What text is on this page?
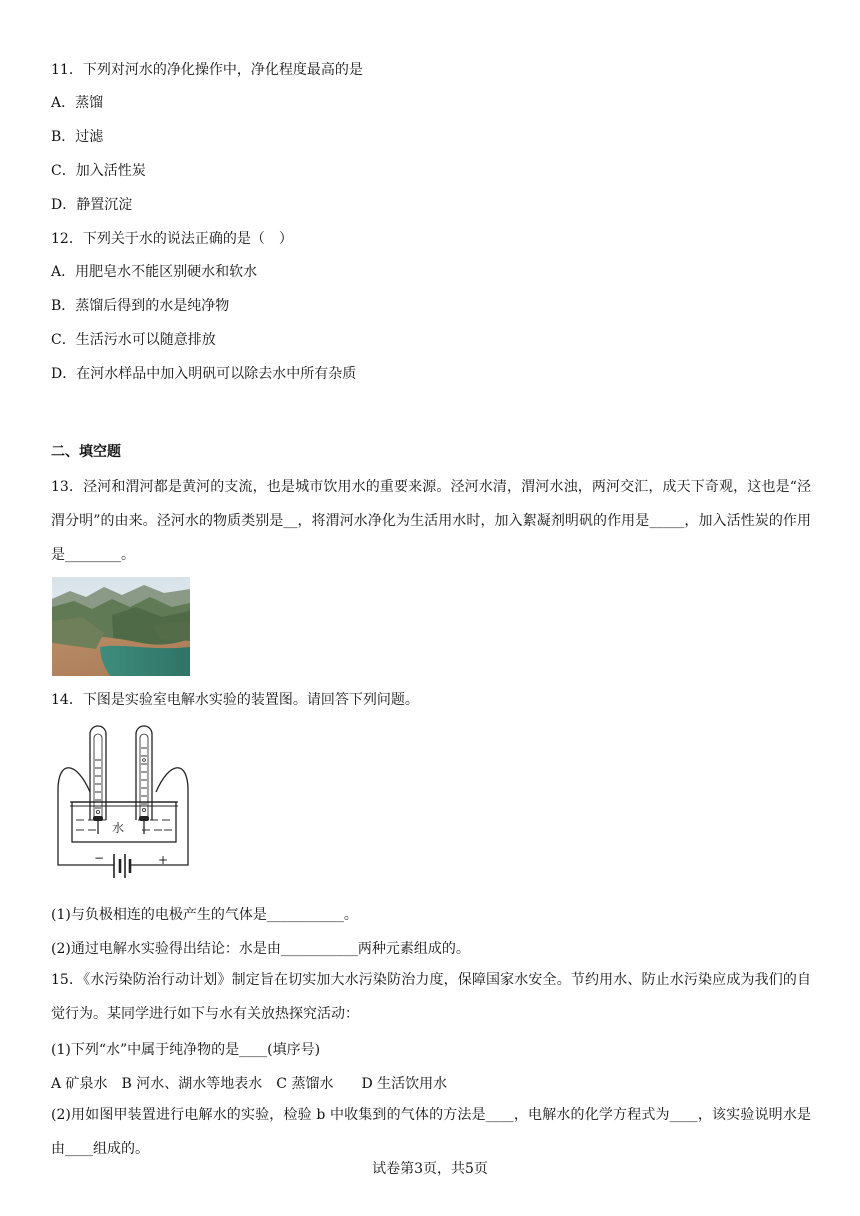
11．下列对河水的净化操作中，净化程度最高的是
A．蒸馏
B．过滤
C．加入活性炭
D．静置沉淀
12．下列关于水的说法正确的是（　）
A．用肥皂水不能区别硬水和软水
B．蒸馏后得到的水是纯净物
C．生活污水可以随意排放
D．在河水样品中加入明矾可以除去水中所有杂质
二、填空题
13．泾河和渭河都是黄河的支流，也是城市饮用水的重要来源。泾河水清，渭河水浊，两河交汇，成天下奇观，这也是“泾渭分明”的由来。泾河水的物质类别是__，将渭河水净化为生活用水时，加入絮凝剂明矾的作用是_____，加入活性炭的作用是________。
14．下图是实验室电解水实验的装置图。请回答下列问题。
−	+
水
(1)与负极相连的电极产生的气体是___________。
(2)通过电解水实验得出结论：水是由___________两种元素组成的。
15．《水污染防治行动计划》制定旨在切实加大水污染防治力度，保障国家水安全。节约用水、防止水污染应成为我们的自觉行为。某同学进行如下与水有关放热探究活动：
(1)下列“水”中属于纯净物的是____(填序号)
A 矿泉水　B 河水、湖水等地表水　C 蒸馏水　　D 生活饮用水
(2)用如图甲装置进行电解水的实验，检验 b 中收集到的气体的方法是____，电解水的化学方程式为____，该实验说明水是由____组成的。
试卷第3页，共5页
